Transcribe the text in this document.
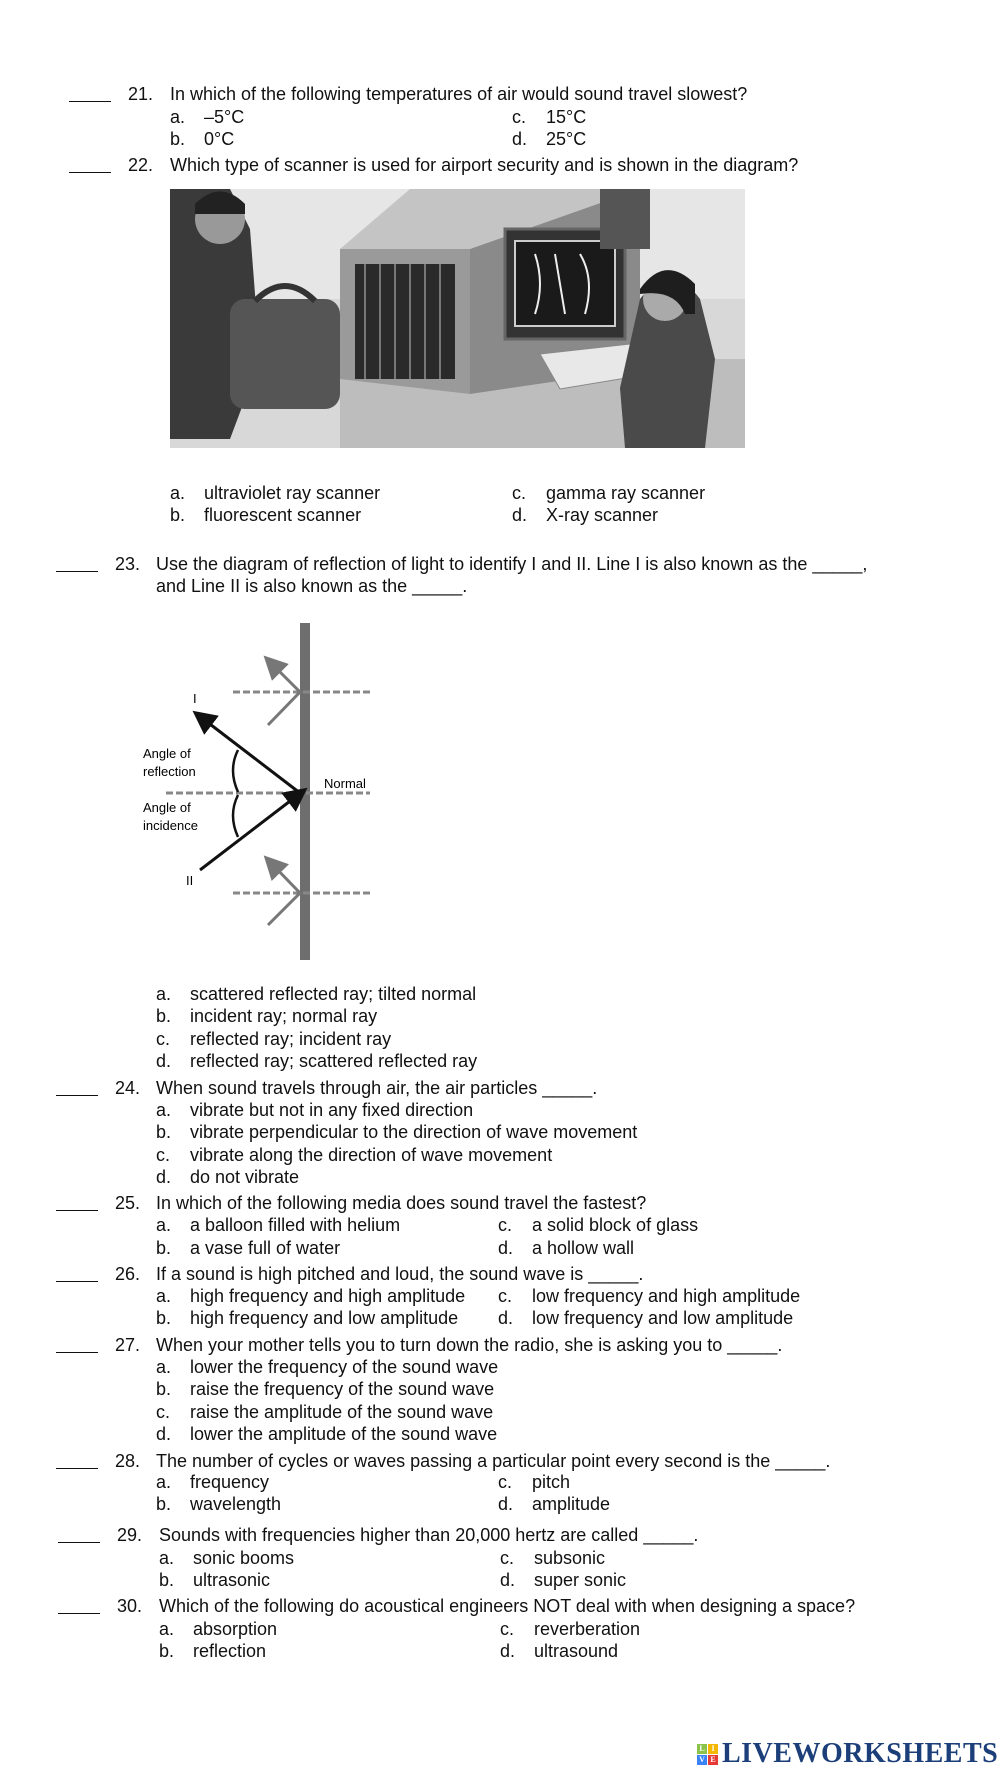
21. In which of the following temperatures of air would sound travel slowest?
a. –5°C
b. 0°C
c. 15°C
d. 25°C
22. Which type of scanner is used for airport security and is shown in the diagram?
a. ultraviolet ray scanner
b. fluorescent scanner
c. gamma ray scanner
d. X-ray scanner
23. Use the diagram of reflection of light to identify I and II. Line I is also known as the _____,
and Line II is also known as the _____.
a. scattered reflected ray; tilted normal
b. incident ray; normal ray
c. reflected ray; incident ray
d. reflected ray; scattered reflected ray
24. When sound travels through air, the air particles _____.
a. vibrate but not in any fixed direction
b. vibrate perpendicular to the direction of wave movement
c. vibrate along the direction of wave movement
d. do not vibrate
25. In which of the following media does sound travel the fastest?
a. a balloon filled with helium
b. a vase full of water
c. a solid block of glass
d. a hollow wall
26. If a sound is high pitched and loud, the sound wave is _____.
a. high frequency and high amplitude
b. high frequency and low amplitude
c. low frequency and high amplitude
d. low frequency and low amplitude
27. When your mother tells you to turn down the radio, she is asking you to _____.
a. lower the frequency of the sound wave
b. raise the frequency of the sound wave
c. raise the amplitude of the sound wave
d. lower the amplitude of the sound wave
28. The number of cycles or waves passing a particular point every second is the _____.
a. frequency
b. wavelength
c. pitch
d. amplitude
29. Sounds with frequencies higher than 20,000 hertz are called _____.
a. sonic booms
b. ultrasonic
c. subsonic
d. super sonic
30. Which of the following do acoustical engineers NOT deal with when designing a space?
a. absorption
b. reflection
c. reverberation
d. ultrasound
I
II
Angle of
reflection
Angle of
incidence
Normal
L I
V E LIVEWORKSHEETS
